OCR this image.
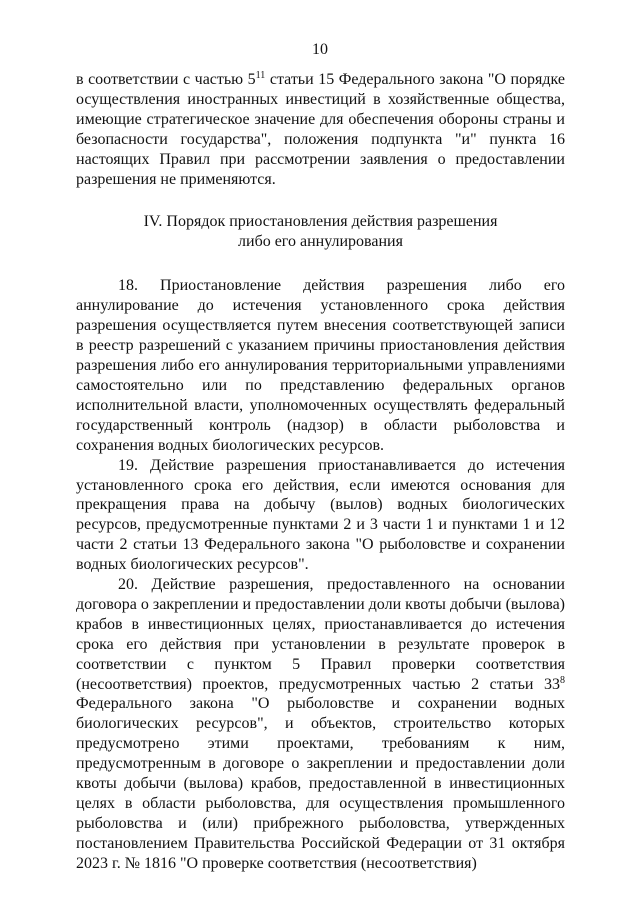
10

в соответствии с частью $5^{11}$ статьи 15 Федерального закона "О порядке осуществления иностранных инвестиций в хозяйственные общества, имеющие стратегическое значение для обеспечения обороны страны и безопасности государства", положения подпункта "и" пункта 16 настоящих Правил при рассмотрении заявления о предоставлении разрешения не применяются.

IV. Порядок приостановления действия разрешения
либо его аннулирования

18. Приостановление действия разрешения либо его аннулирование до истечения установленного срока действия разрешения осуществляется путем внесения соответствующей записи в реестр разрешений с указанием причины приостановления действия разрешения либо его аннулирования территориальными управлениями самостоятельно или по представлению федеральных органов исполнительной власти, уполномоченных осуществлять федеральный государственный контроль (надзор) в области рыболовства и сохранения водных биологических ресурсов.

19. Действие разрешения приостанавливается до истечения установленного срока его действия, если имеются основания для прекращения права на добычу (вылов) водных биологических ресурсов, предусмотренные пунктами 2 и 3 части 1 и пунктами 1 и 12 части 2 статьи 13 Федерального закона "О рыболовстве и сохранении водных биологических ресурсов".

20. Действие разрешения, предоставленного на основании договора о закреплении и предоставлении доли квоты добычи (вылова) крабов в инвестиционных целях, приостанавливается до истечения срока его действия при установлении в результате проверок в соответствии с пунктом 5 Правил проверки соответствия (несоответствия) проектов, предусмотренных частью 2 статьи $33^8$ Федерального закона "О рыболовстве и сохранении водных биологических ресурсов", и объектов, строительство которых предусмотрено этими проектами, требованиям к ним, предусмотренным в договоре о закреплении и предоставлении доли квоты добычи (вылова) крабов, предоставленной в инвестиционных целях в области рыболовства, для осуществления промышленного рыболовства и (или) прибрежного рыболовства, утвержденных постановлением Правительства Российской Федерации от 31 октября 2023 г. № 1816 "О проверке соответствия (несоответствия)
